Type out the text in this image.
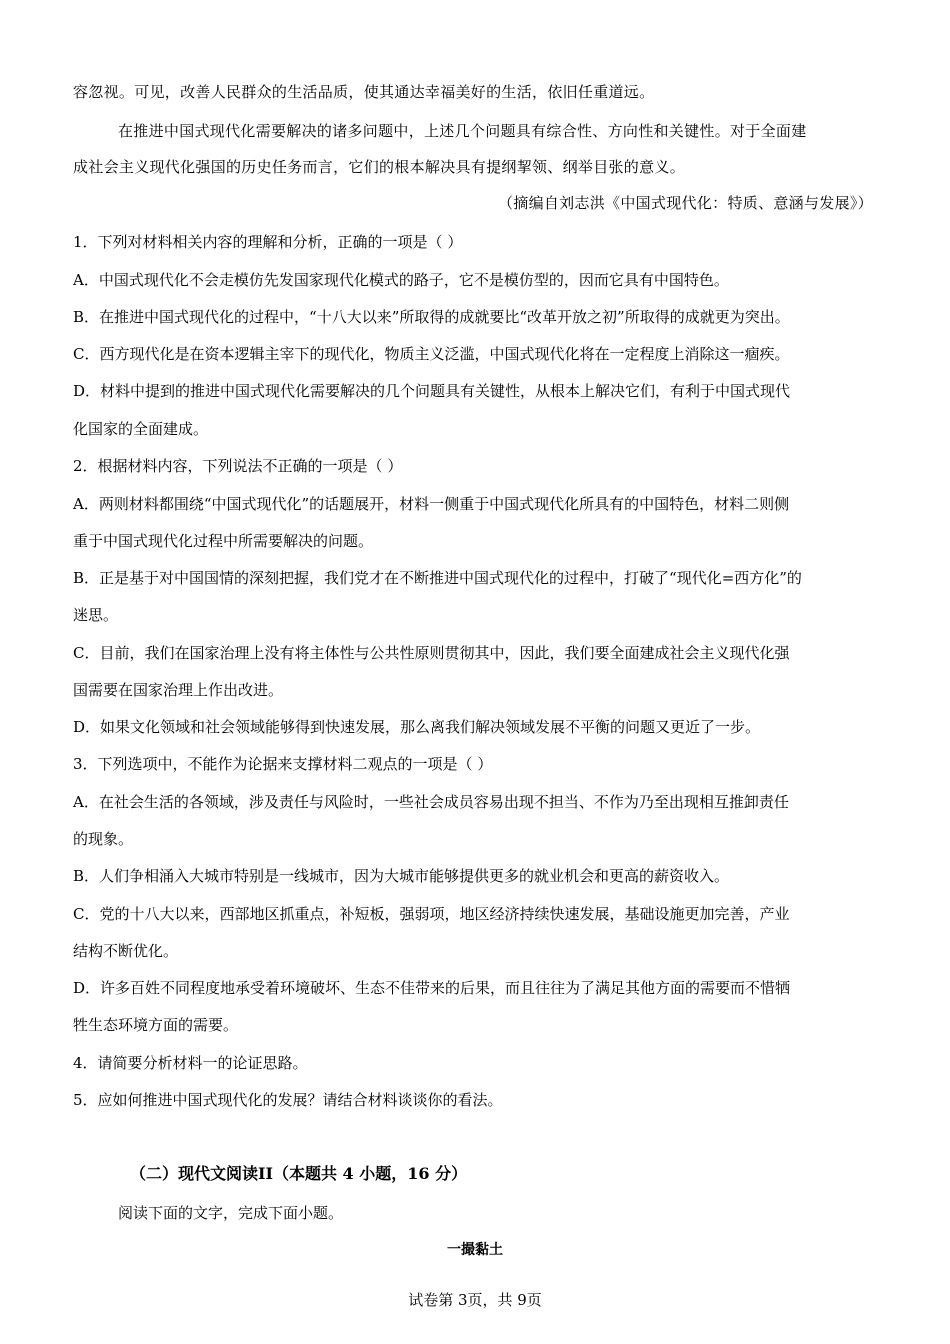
容忽视。可见，改善人民群众的生活品质，使其通达幸福美好的生活，依旧任重道远。
在推进中国式现代化需要解决的诸多问题中，上述几个问题具有综合性、方向性和关键性。对于全面建
成社会主义现代化强国的历史任务而言，它们的根本解决具有提纲挈领、纲举目张的意义。
（摘编自刘志洪《中国式现代化：特质、意涵与发展》）
1．下列对材料相关内容的理解和分析，正确的一项是（ ）
A．中国式现代化不会走模仿先发国家现代化模式的路子，它不是模仿型的，因而它具有中国特色。
B．在推进中国式现代化的过程中，“十八大以来”所取得的成就要比“改革开放之初”所取得的成就更为突出。
C．西方现代化是在资本逻辑主宰下的现代化，物质主义泛滥，中国式现代化将在一定程度上消除这一痼疾。
D．材料中提到的推进中国式现代化需要解决的几个问题具有关键性，从根本上解决它们，有利于中国式现代
化国家的全面建成。
2．根据材料内容，下列说法不正确的一项是（ ）
A．两则材料都围绕“中国式现代化”的话题展开，材料一侧重于中国式现代化所具有的中国特色，材料二则侧
重于中国式现代化过程中所需要解决的问题。
B．正是基于对中国国情的深刻把握，我们党才在不断推进中国式现代化的过程中，打破了“现代化=西方化”的
迷思。
C．目前，我们在国家治理上没有将主体性与公共性原则贯彻其中，因此，我们要全面建成社会主义现代化强
国需要在国家治理上作出改进。
D．如果文化领域和社会领域能够得到快速发展，那么离我们解决领域发展不平衡的问题又更近了一步。
3．下列选项中，不能作为论据来支撑材料二观点的一项是（ ）
A．在社会生活的各领域，涉及责任与风险时，一些社会成员容易出现不担当、不作为乃至出现相互推卸责任
的现象。
B．人们争相涌入大城市特别是一线城市，因为大城市能够提供更多的就业机会和更高的薪资收入。
C．党的十八大以来，西部地区抓重点，补短板，强弱项，地区经济持续快速发展，基础设施更加完善，产业
结构不断优化。
D．许多百姓不同程度地承受着环境破坏、生态不佳带来的后果，而且往往为了满足其他方面的需要而不惜牺
牲生态环境方面的需要。
4．请简要分析材料一的论证思路。
5．应如何推进中国式现代化的发展？请结合材料谈谈你的看法。
（二）现代文阅读II（本题共 4 小题，16 分）
阅读下面的文字，完成下面小题。
一撮黏土
试卷第 3页，共 9页
